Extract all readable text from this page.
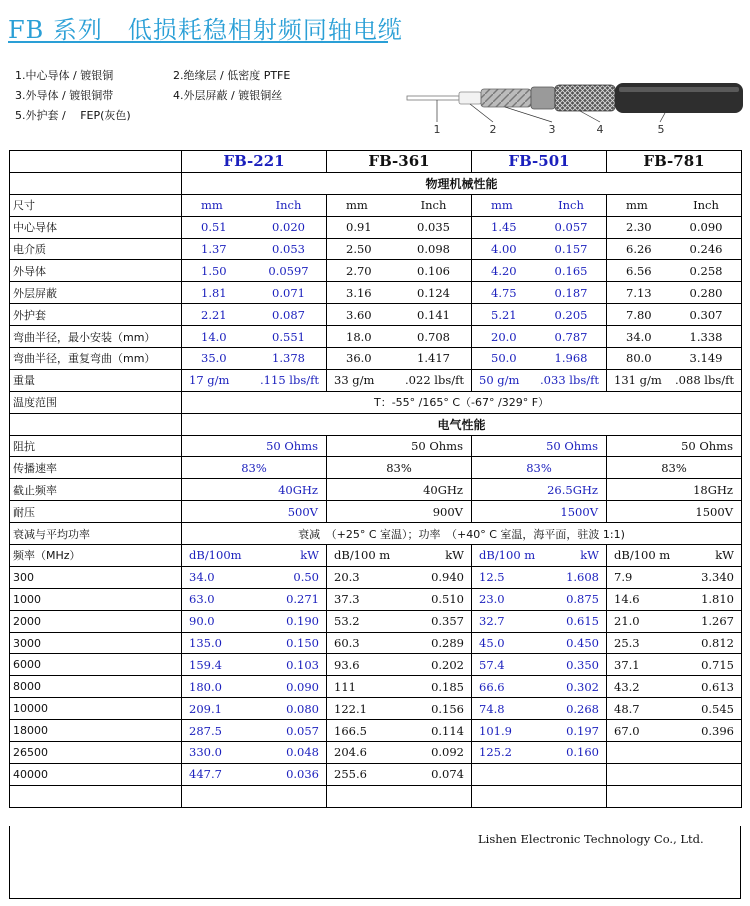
FB 系列　低损耗稳相射频同轴电缆
1.中心导体 / 镀银铜	2.绝缘层 / 低密度 PTFE
3.外导体 / 镀银铜带	4.外层屏蔽 / 镀银铜丝
5.外护套 / 　FEP(灰色)
1	2	3	4	5
	FB-221	FB-361	FB-501	FB-781
	物理机械性能			
尺寸	mm Inch	mm Inch	mm Inch	mm Inch

中心导体	0.51 0.020	0.91 0.035	1.45 0.057	2.30 0.090

电介质	1.37 0.053	2.50 0.098	4.00 0.157	6.26 0.246

外导体	1.50 0.0597	2.70 0.106	4.20 0.165	6.56 0.258

外层屏蔽	1.81 0.071	3.16 0.124	4.75 0.187	7.13 0.280

外护套	2.21 0.087	3.60 0.141	5.21 0.205	7.80 0.307

弯曲半径，最小安装（mm）	14.0 0.551	18.0 0.708	20.0 0.787	34.0 1.338

弯曲半径，重复弯曲（mm）	35.0 1.378	36.0 1.417	50.0 1.968	80.0 3.149

重量	17 g/m .115 lbs/ft	33 g/m .022 lbs/ft	50 g/m .033 lbs/ft	131 g/m .088 lbs/ft

温度范围	T：-55° /165° C（-67° /329° F）			
	电气性能			
阻抗	50 Ohms	50 Ohms	50 Ohms	50 Ohms
传播速率	83%	83%	83%	83%
截止频率	40GHz	40GHz	26.5GHz	18GHz
耐压	500V	900V	1500V	1500V
衰减与平均功率	衰减　（+25° C 室温）；功率　（+40° C 室温，海平面，驻波 1:1)			
频率（MHz）	dB/100m kW	dB/100 m kW	dB/100 m kW	dB/100 m kW

300	34.0 0.50	20.3 0.940	12.5 1.608	7.9 3.340

1000	63.0 0.271	37.3 0.510	23.0 0.875	14.6 1.810

2000	90.0 0.190	53.2 0.357	32.7 0.615	21.0 1.267

3000	135.0 0.150	60.3 0.289	45.0 0.450	25.3 0.812

6000	159.4 0.103	93.6 0.202	57.4 0.350	37.1 0.715

8000	180.0 0.090	111 0.185	66.6 0.302	43.2 0.613

10000	209.1 0.080	122.1 0.156	74.8 0.268	48.7 0.545

18000	287.5 0.057	166.5 0.114	101.9 0.197	67.0 0.396

26500	330.0 0.048	204.6 0.092	125.2 0.160	

40000	447.7 0.036	255.6 0.074		

Lishen Electronic Technology Co., Ltd.
